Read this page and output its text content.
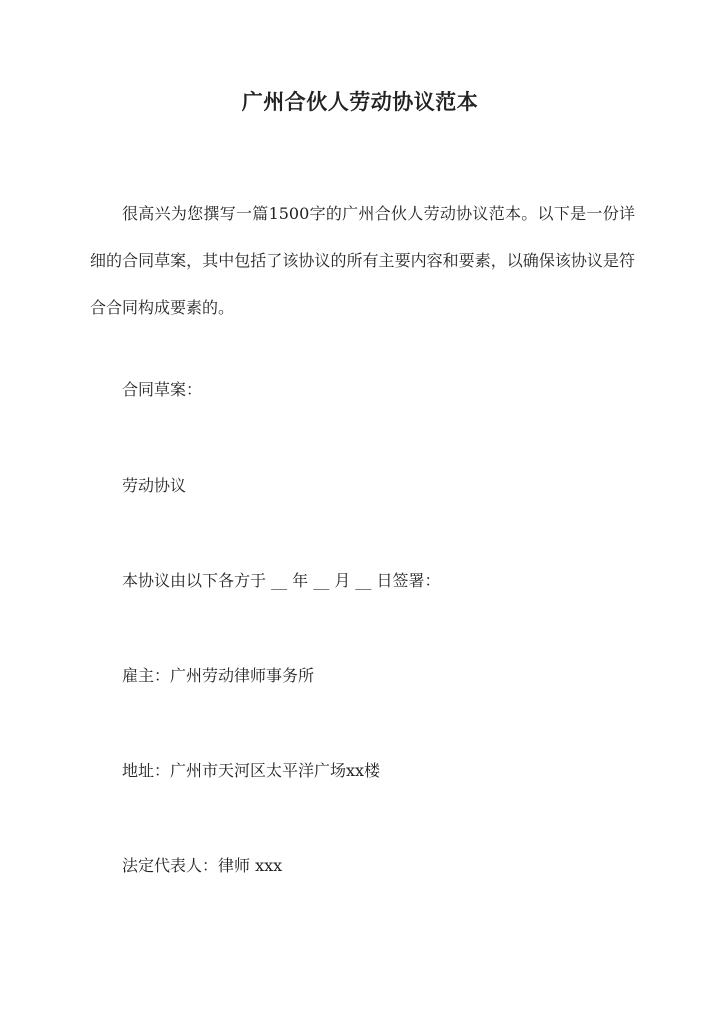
广州合伙人劳动协议范本
很高兴为您撰写一篇1500字的广州合伙人劳动协议范本。以下是一份详细的合同草案，其中包括了该协议的所有主要内容和要素，以确保该协议是符合合同构成要素的。
合同草案：
劳动协议
本协议由以下各方于 __ 年 __ 月 __ 日签署：
雇主：广州劳动律师事务所
地址：广州市天河区太平洋广场xx楼
法定代表人：律师 xxx
